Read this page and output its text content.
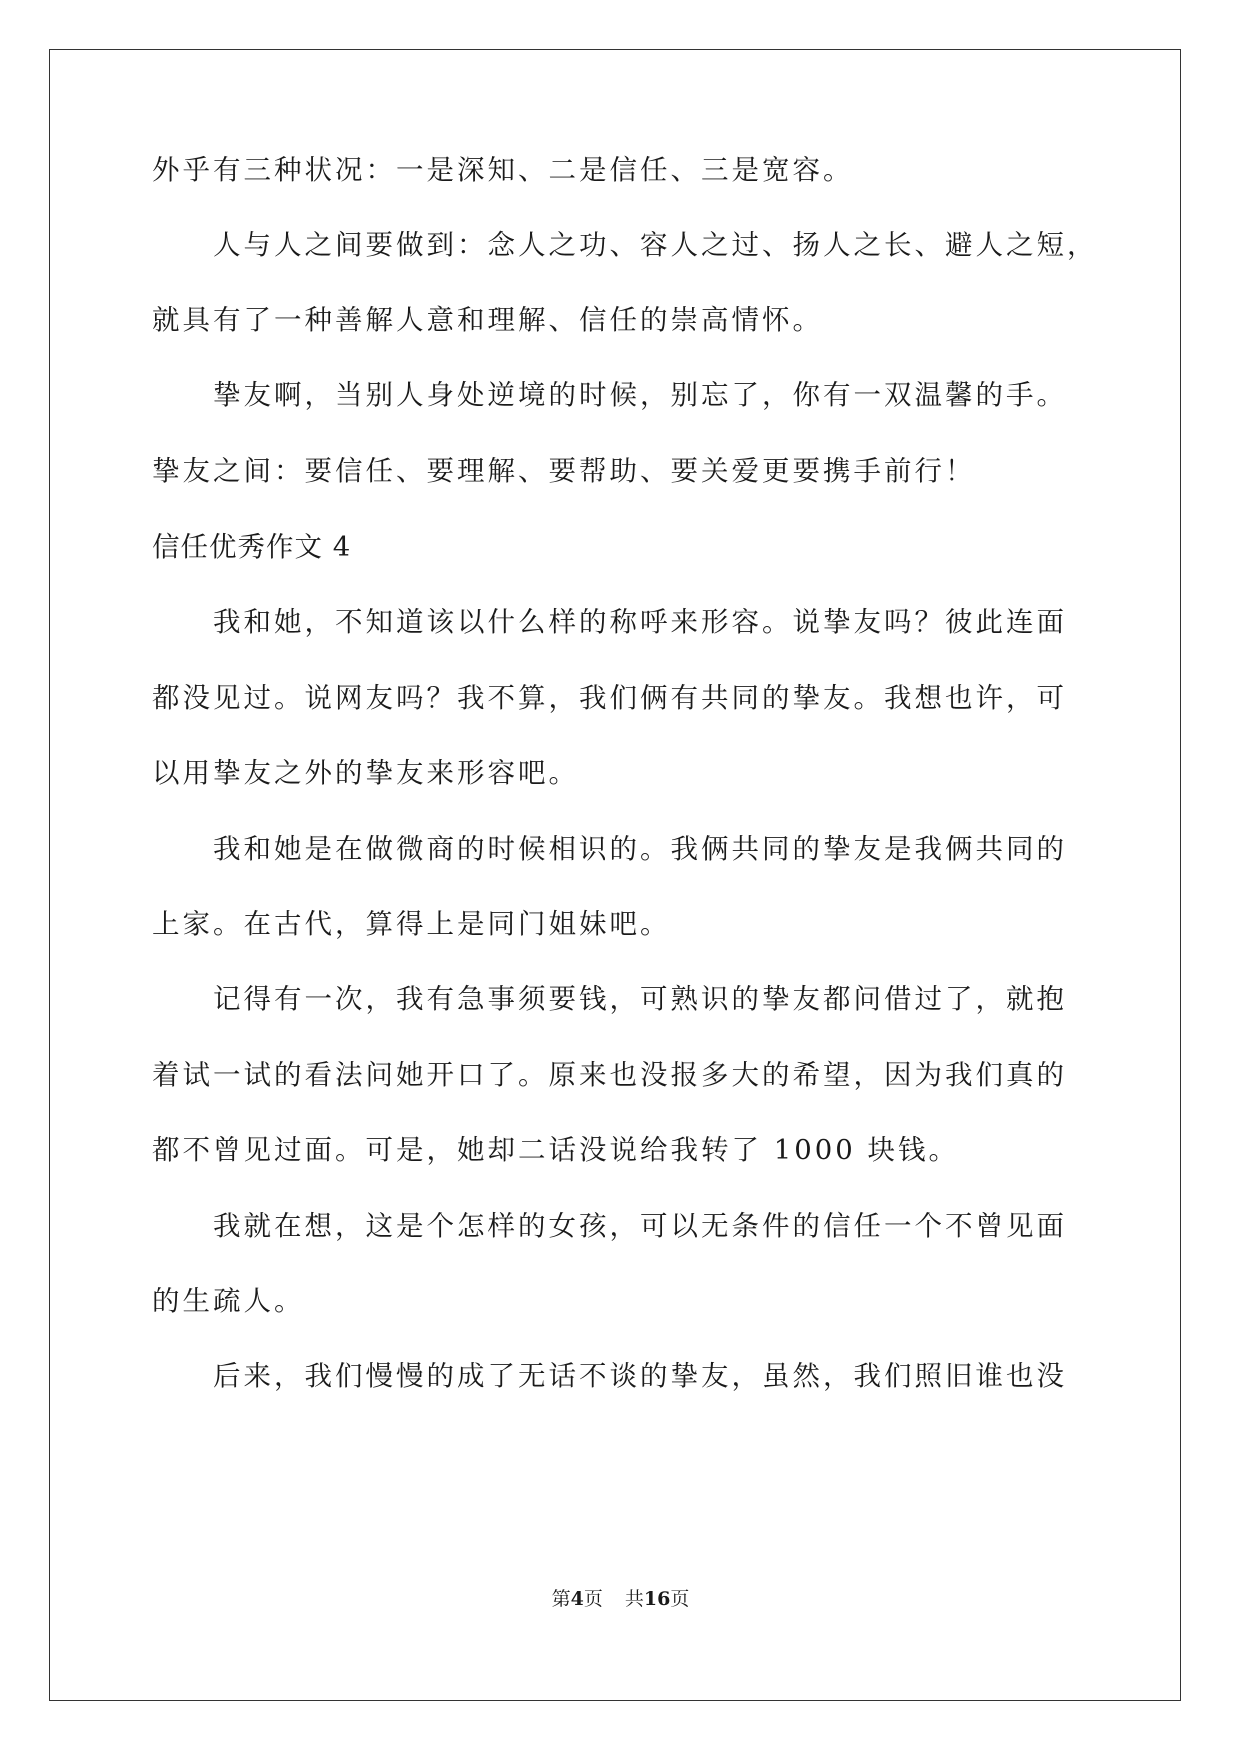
外乎有三种状况：一是深知、二是信任、三是宽容。
人与人之间要做到：念人之功、容人之过、扬人之长、避人之短，
就具有了一种善解人意和理解、信任的崇高情怀。
挚友啊，当别人身处逆境的时候，别忘了，你有一双温馨的手。
挚友之间：要信任、要理解、要帮助、要关爱更要携手前行！
信任优秀作文 4
我和她，不知道该以什么样的称呼来形容。说挚友吗？彼此连面
都没见过。说网友吗？我不算，我们俩有共同的挚友。我想也许，可
以用挚友之外的挚友来形容吧。
我和她是在做微商的时候相识的。我俩共同的挚友是我俩共同的
上家。在古代，算得上是同门姐妹吧。
记得有一次，我有急事须要钱，可熟识的挚友都问借过了，就抱
着试一试的看法问她开口了。原来也没报多大的希望，因为我们真的
都不曾见过面。可是，她却二话没说给我转了 1000 块钱。
我就在想，这是个怎样的女孩，可以无条件的信任一个不曾见面
的生疏人。
后来，我们慢慢的成了无话不谈的挚友，虽然，我们照旧谁也没
第4页 共16页
